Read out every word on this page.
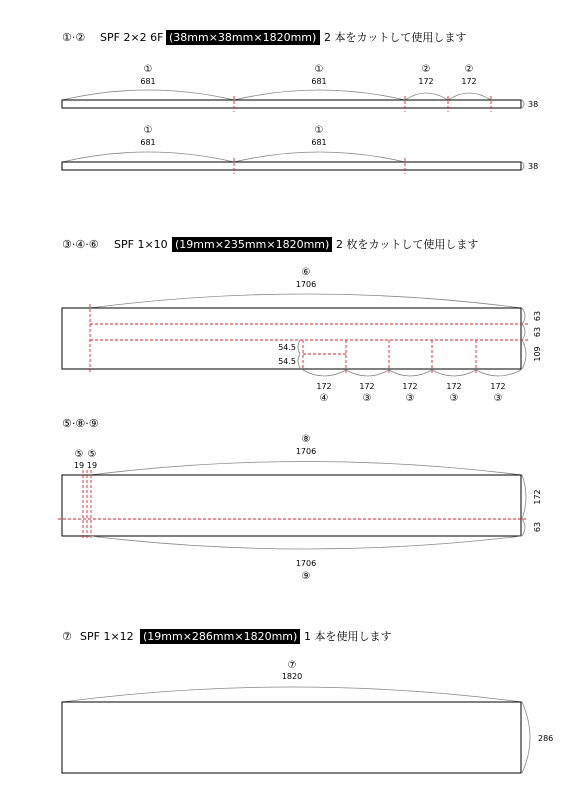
①·② SPF 2×2 6F (38mm×38mm×1820mm) 2 本をカットして使用します
①
681
①
681
②
172
②
172
38
①
681
①
681
38
③·④·⑥ SPF 1×10 (19mm×235mm×1820mm) 2 枚をカットして使用します
⑥
1706
54.5
54.5
63
63
109
172
④
172
③
172
③
172
③
172
③
⑤·⑧·⑨
⑤
19
⑤
19
⑧
1706
172
63
1706
⑨
⑦ SPF 1×12 (19mm×286mm×1820mm) 1 本を使用します
⑦
1820
286
